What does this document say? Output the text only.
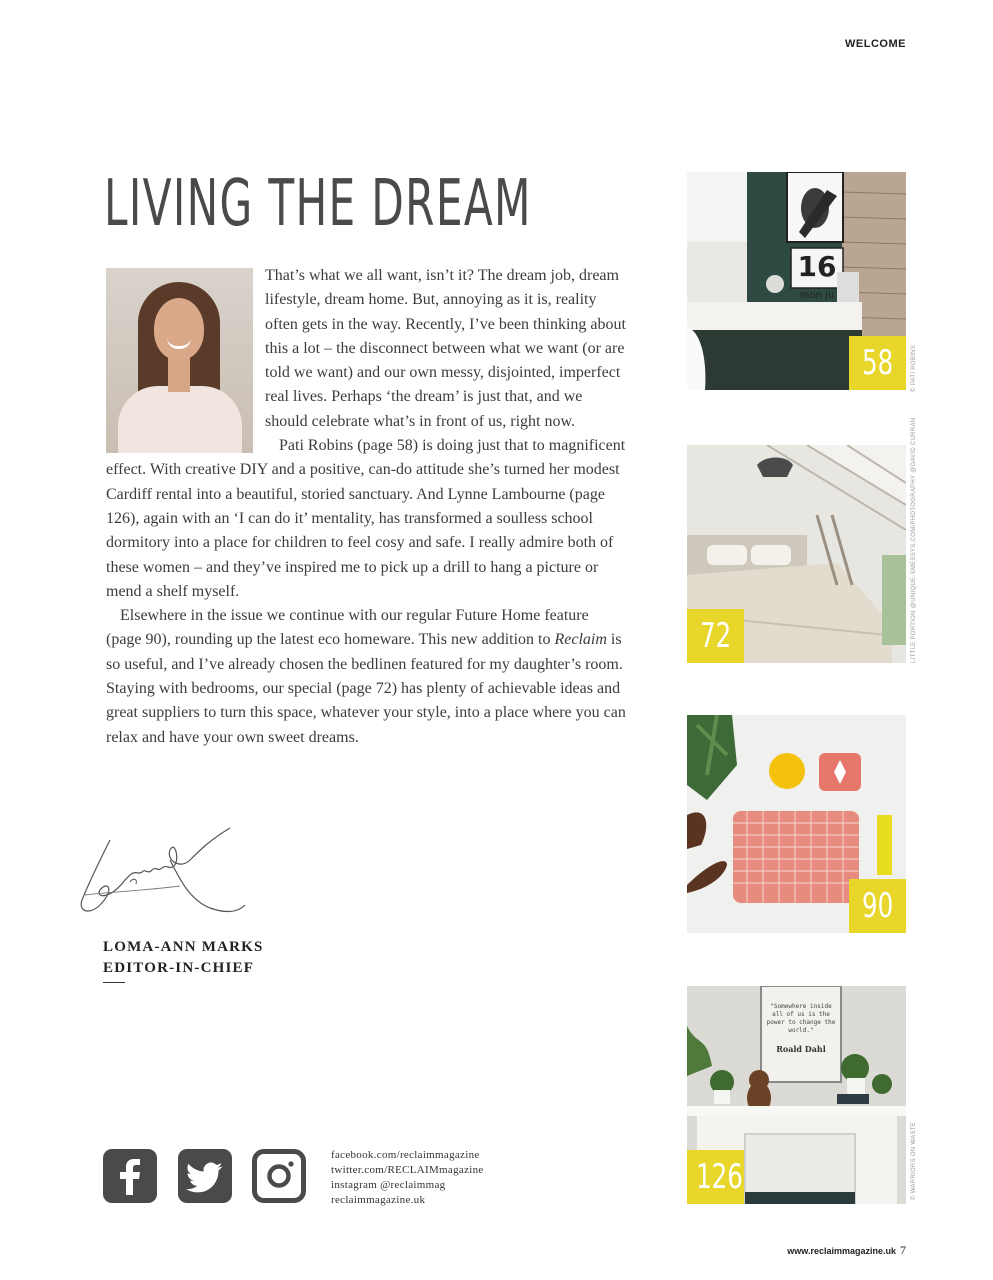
WELCOME
LIVING THE DREAM

That’s what we all want, isn’t it? The dream job, dream lifestyle, dream home. But, annoying as it is, reality often gets in the way. Recently, I’ve been thinking about this a lot – the disconnect between what we want (or are told we want) and our own messy, disjointed, imperfect real lives. Perhaps ‘the dream’ is just that, and we should celebrate what’s in front of us, right now.

Pati Robins (page 58) is doing just that to magnificent effect. With creative DIY and a positive, can-do attitude she’s turned her modest Cardiff rental into a beautiful, storied sanctuary. And Lynne Lambourne (page 126), again with an ‘I can do it’ mentality, has transformed a soulless school dormitory into a place for children to feel cosy and safe. I really admire both of these women – and they’ve inspired me to pick up a drill to hang a picture or mend a shelf myself.

Elsewhere in the issue we continue with our regular Future Home feature (page 90), rounding up the latest eco homeware. This new addition to Reclaim is so useful, and I’ve already chosen the bedlinen featured for my daughter’s room. Staying with bedrooms, our special (page 72) has plenty of achievable ideas and great suppliers to turn this space, whatever your style, into a place where you can relax and have your own sweet dreams.

LOMA-ANN MARKS
EDITOR-IN-CHIEF
facebook.com/reclaimmagazine
twitter.com/RECLAIMmagazine
instagram @reclaimmag
reclaimmagazine.uk
16
mon ju
58	© PATI ROBINS
72	LITTLE PORTION @UNIQUE-SMESSYS.COM/PHOTOGRAPHY @DAVID CURRAN
90
"Somewhere inside
all of us is the
power to change the
world."
Roald Dahl
126	© WARRIORS ON WASTE
www.reclaimmagazine.uk 7
